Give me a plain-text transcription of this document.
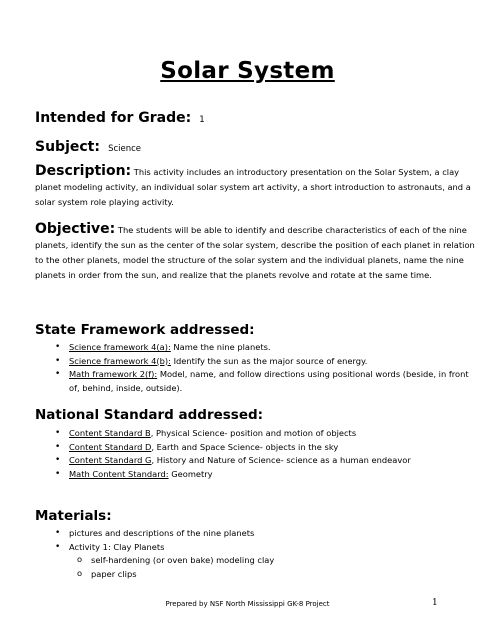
Solar System
Intended for Grade: 1
Subject: Science
Description: This activity includes an introductory presentation on the Solar System, a clay planet modeling activity, an individual solar system art activity, a short introduction to astronauts, and a solar system role playing activity.
Objective: The students will be able to identify and describe characteristics of each of the nine planets, identify the sun as the center of the solar system, describe the position of each planet in relation to the other planets, model the structure of the solar system and the individual planets, name the nine planets in order from the sun, and realize that the planets revolve and rotate at the same time.
State Framework addressed:
• Science framework 4(a): Name the nine planets.
• Science framework 4(b): Identify the sun as the major source of energy.
• Math framework 2(f): Model, name, and follow directions using positional words (beside, in front of, behind, inside, outside).
National Standard addressed:
• Content Standard B, Physical Science- position and motion of objects
• Content Standard D, Earth and Space Science- objects in the sky
• Content Standard G, History and Nature of Science- science as a human endeavor
• Math Content Standard: Geometry
Materials:
• pictures and descriptions of the nine planets
• Activity 1: Clay Planets
o self-hardening (or oven bake) modeling clay
o paper clips
Prepared by NSF North Mississippi GK-8 Project	1
